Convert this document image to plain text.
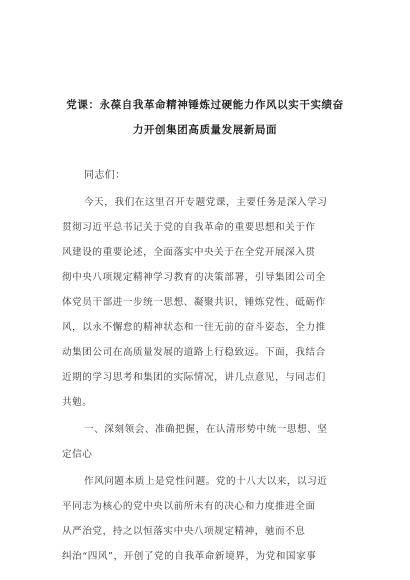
党课：永葆自我革命精神锤炼过硬能力作风以实干实绩奋
力开创集团高质量发展新局面
同志们：
今天，我们在这里召开专题党课，主要任务是深入学习
贯彻习近平总书记关于党的自我革命的重要思想和关于作
风建设的重要论述，全面落实中央关于在全党开展深入贯
彻中央八项规定精神学习教育的决策部署，引导集团公司全
体党员干部进一步统一思想、凝聚共识，锤炼党性、砥砺作
风，以永不懈怠的精神状态和一往无前的奋斗姿态，全力推
动集团公司在高质量发展的道路上行稳致远。下面，我结合
近期的学习思考和集团的实际情况，讲几点意见，与同志们
共勉。
一、深刻领会、准确把握，在认清形势中统一思想、坚
定信心
作风问题本质上是党性问题。党的十八大以来，以习近
平同志为核心的党中央以前所未有的决心和力度推进全面
从严治党，持之以恒落实中央八项规定精神，驰而不息
纠治“四风”，开创了党的自我革命新境界，为党和国家事
